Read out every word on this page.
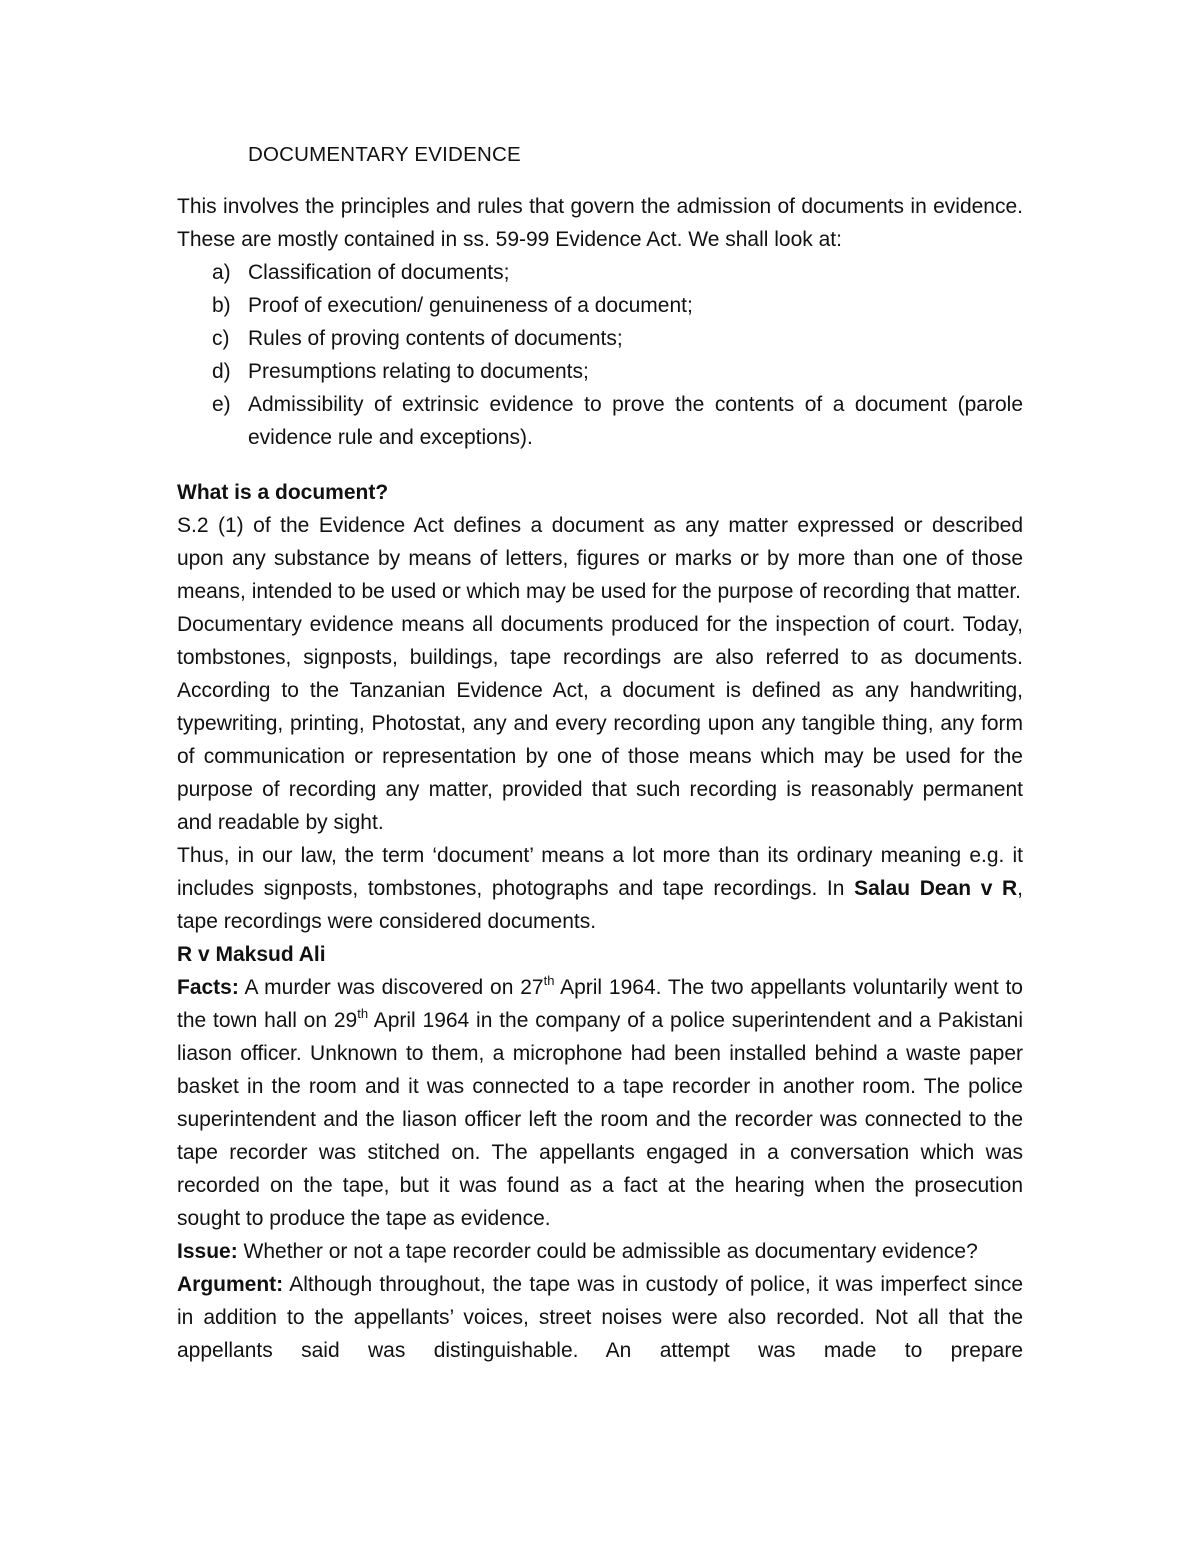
DOCUMENTARY EVIDENCE

This involves the principles and rules that govern the admission of documents in evidence. These are mostly contained in ss. 59-99 Evidence Act. We shall look at:

a) Classification of documents;
b) Proof of execution/ genuineness of a document;
c) Rules of proving contents of documents;
d) Presumptions relating to documents;
e) Admissibility of extrinsic evidence to prove the contents of a document (parole evidence rule and exceptions).

What is a document?

S.2 (1) of the Evidence Act defines a document as any matter expressed or described upon any substance by means of letters, figures or marks or by more than one of those means, intended to be used or which may be used for the purpose of recording that matter.

Documentary evidence means all documents produced for the inspection of court. Today, tombstones, signposts, buildings, tape recordings are also referred to as documents. According to the Tanzanian Evidence Act, a document is defined as any handwriting, typewriting, printing, Photostat, any and every recording upon any tangible thing, any form of communication or representation by one of those means which may be used for the purpose of recording any matter, provided that such recording is reasonably permanent and readable by sight.

Thus, in our law, the term ‘document’ means a lot more than its ordinary meaning e.g. it includes signposts, tombstones, photographs and tape recordings. In Salau Dean v R, tape recordings were considered documents.

R v Maksud Ali

Facts: A murder was discovered on 27th April 1964. The two appellants voluntarily went to the town hall on 29th April 1964 in the company of a police superintendent and a Pakistani liason officer. Unknown to them, a microphone had been installed behind a waste paper basket in the room and it was connected to a tape recorder in another room. The police superintendent and the liason officer left the room and the recorder was connected to the tape recorder was stitched on. The appellants engaged in a conversation which was recorded on the tape, but it was found as a fact at the hearing when the prosecution sought to produce the tape as evidence.

Issue: Whether or not a tape recorder could be admissible as documentary evidence?

Argument: Although throughout, the tape was in custody of police, it was imperfect since in addition to the appellants’ voices, street noises were also recorded. Not all that the appellants said was distinguishable. An attempt was made to prepare
